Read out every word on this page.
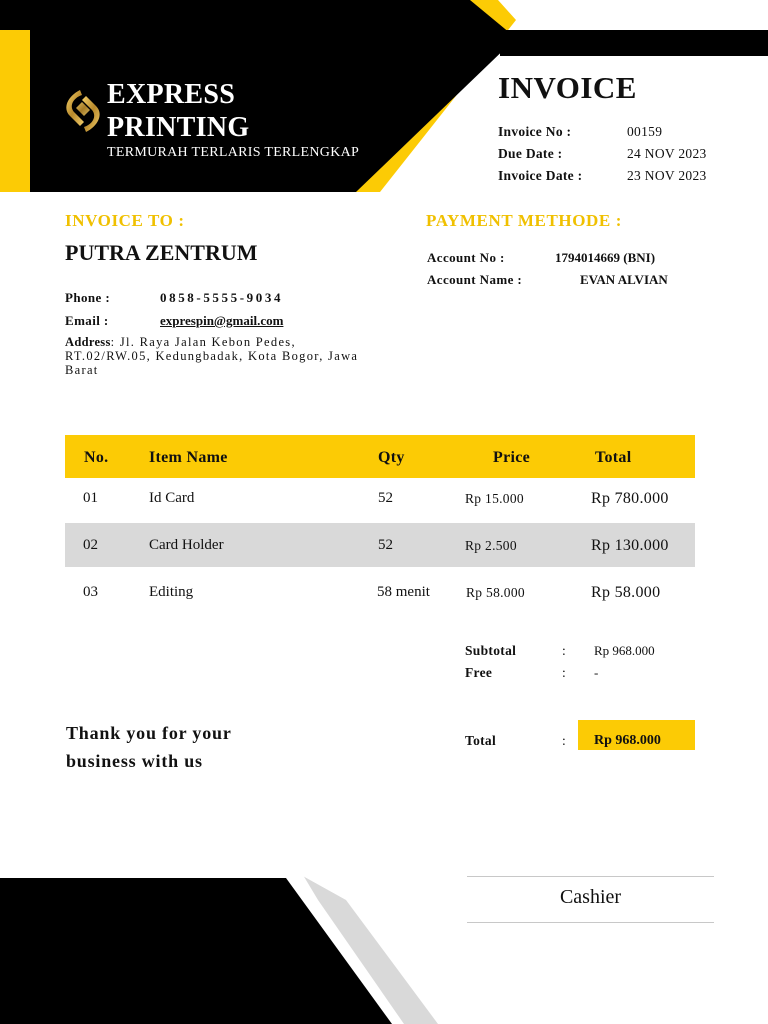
EXPRESS
PRINTING
TERMURAH TERLARIS TERLENGKAP
INVOICE
Invoice No :	00159
Due Date :	24 NOV 2023
Invoice Date :	23 NOV 2023
INVOICE TO :
PUTRA ZENTRUM
Phone :	0858-5555-9034
Email :	exprespin@gmail.com
Address: Jl. Raya Jalan Kebon Pedes, RT.02/RW.05, Kedungbadak, Kota Bogor, Jawa Barat
PAYMENT METHODE :
Account No :	1794014669 (BNI)
Account Name :	EVAN ALVIAN
No.	Item Name	Qty	Price	Total
01	Id Card	52	Rp 15.000	Rp 780.000
02	Card Holder	52	Rp 2.500	Rp 130.000
03	Editing	58 menit	Rp 58.000	Rp 58.000
Subtotal	: Rp 968.000
Free	: -
Total	: Rp 968.000
Thank you for your business with us
Cashier
